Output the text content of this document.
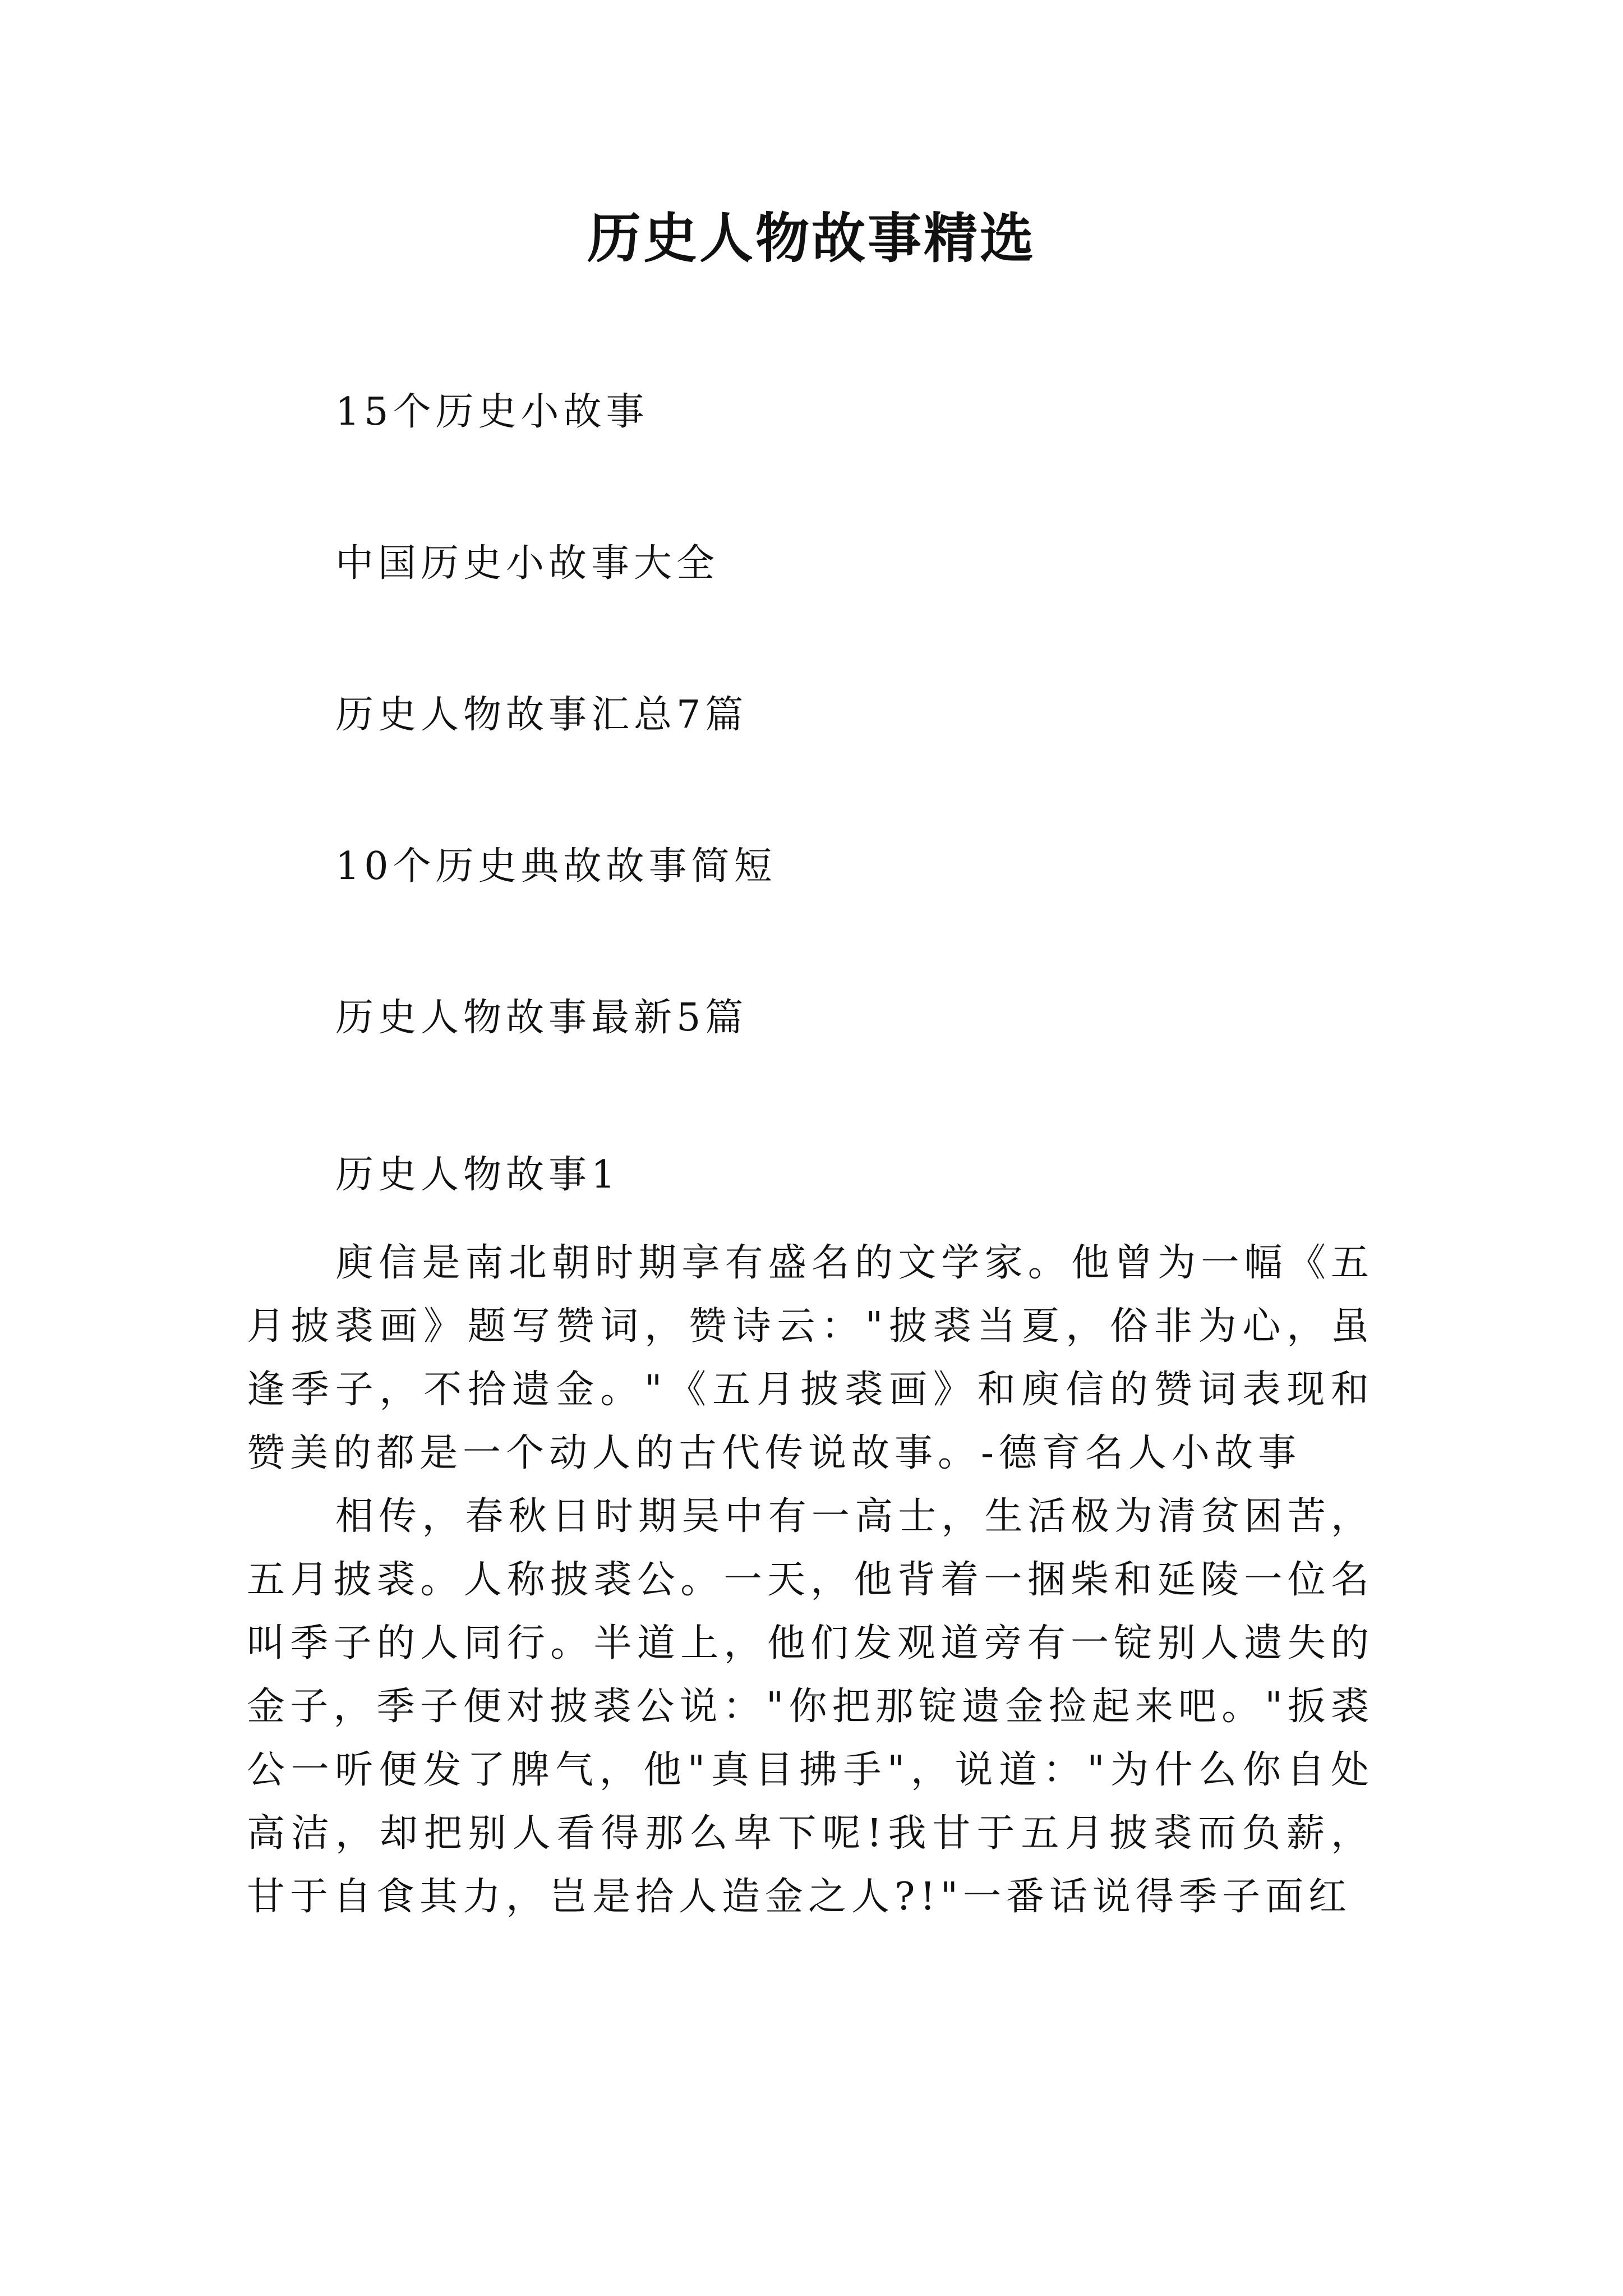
历史人物故事精选
15个历史小故事
中国历史小故事大全
历史人物故事汇总7篇
10个历史典故故事简短
历史人物故事最新5篇
历史人物故事1

庾信是南北朝时期享有盛名的文学家。他曾为一幅《五月披裘画》题写赞词，赞诗云："披裘当夏，俗非为心，虽逢季子，不拾遗金。"《五月披裘画》和庾信的赞词表现和赞美的都是一个动人的古代传说故事。-德育名人小故事

相传，春秋日时期吴中有一高士，生活极为清贫困苦，五月披裘。人称披裘公。一天，他背着一捆柴和延陵一位名叫季子的人同行。半道上，他们发观道旁有一锭别人遗失的金子，季子便对披裘公说："你把那锭遗金捡起来吧。"扳裘公一听便发了脾气，他"真目拂手"，说道："为什么你自处高洁，却把别人看得那么卑下呢!我甘于五月披裘而负薪，甘于自食其力，岂是拾人造金之人?!"一番话说得季子面红
